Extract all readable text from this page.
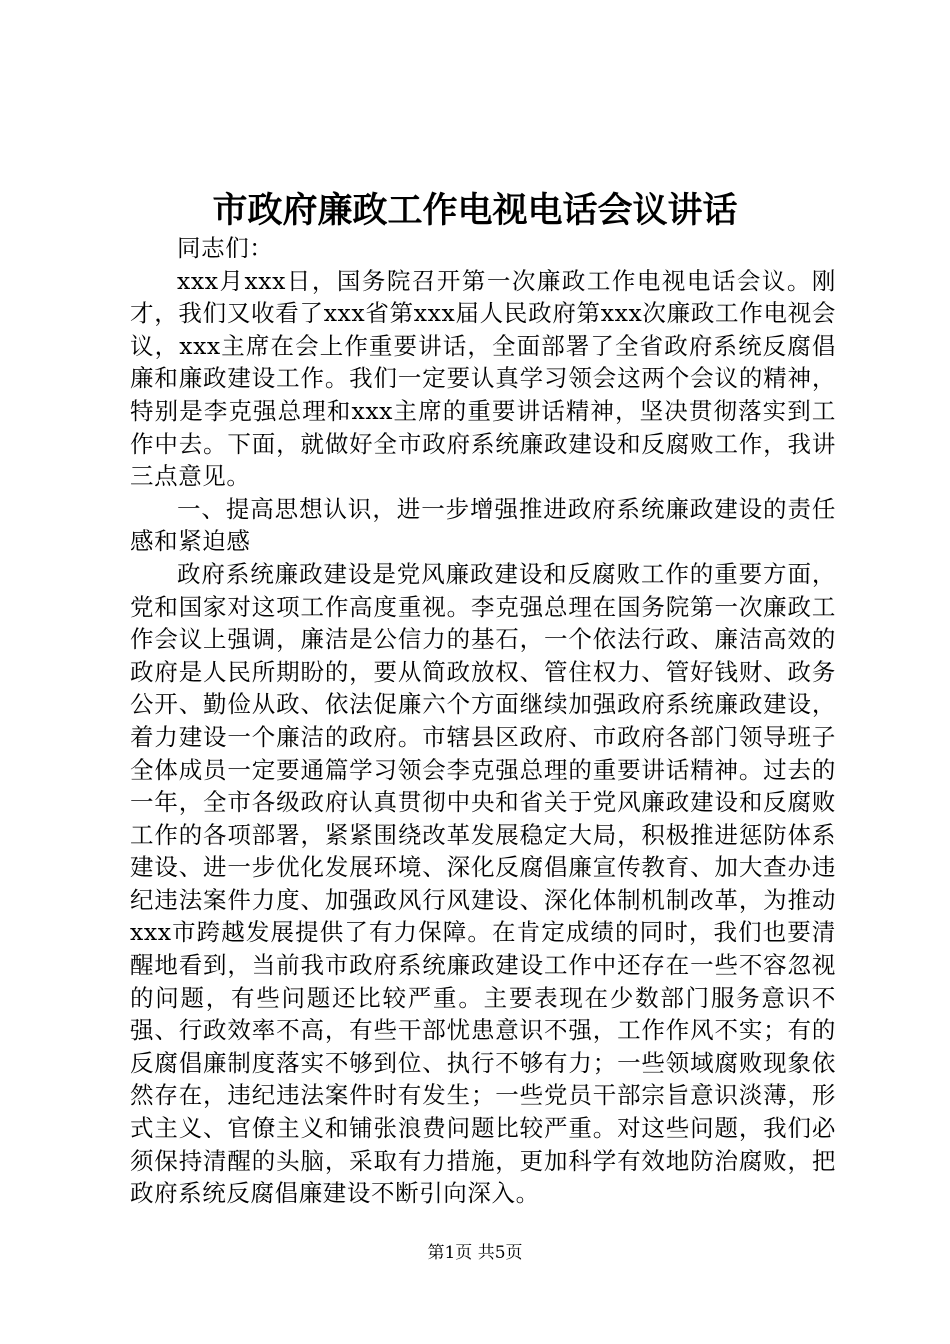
市政府廉政工作电视电话会议讲话

同志们：

xxx月xxx日，国务院召开第一次廉政工作电视电话会议。刚才，我们又收看了xxx省第xxx届人民政府第xxx次廉政工作电视会议，xxx主席在会上作重要讲话，全面部署了全省政府系统反腐倡廉和廉政建设工作。我们一定要认真学习领会这两个会议的精神，特别是李克强总理和xxx主席的重要讲话精神，坚决贯彻落实到工作中去。下面，就做好全市政府系统廉政建设和反腐败工作，我讲三点意见。

一、提高思想认识，进一步增强推进政府系统廉政建设的责任感和紧迫感

政府系统廉政建设是党风廉政建设和反腐败工作的重要方面，党和国家对这项工作高度重视。李克强总理在国务院第一次廉政工作会议上强调，廉洁是公信力的基石，一个依法行政、廉洁高效的政府是人民所期盼的，要从简政放权、管住权力、管好钱财、政务公开、勤俭从政、依法促廉六个方面继续加强政府系统廉政建设，着力建设一个廉洁的政府。市辖县区政府、市政府各部门领导班子全体成员一定要通篇学习领会李克强总理的重要讲话精神。过去的一年，全市各级政府认真贯彻中央和省关于党风廉政建设和反腐败工作的各项部署，紧紧围绕改革发展稳定大局，积极推进惩防体系建设、进一步优化发展环境、深化反腐倡廉宣传教育、加大查办违纪违法案件力度、加强政风行风建设、深化体制机制改革，为推动xxx市跨越发展提供了有力保障。在肯定成绩的同时，我们也要清醒地看到，当前我市政府系统廉政建设工作中还存在一些不容忽视的问题，有些问题还比较严重。主要表现在少数部门服务意识不强、行政效率不高，有些干部忧患意识不强，工作作风不实；有的反腐倡廉制度落实不够到位、执行不够有力；一些领域腐败现象依然存在，违纪违法案件时有发生；一些党员干部宗旨意识淡薄，形式主义、官僚主义和铺张浪费问题比较严重。对这些问题，我们必须保持清醒的头脑，采取有力措施，更加科学有效地防治腐败，把政府系统反腐倡廉建设不断引向深入。

第1页 共5页
